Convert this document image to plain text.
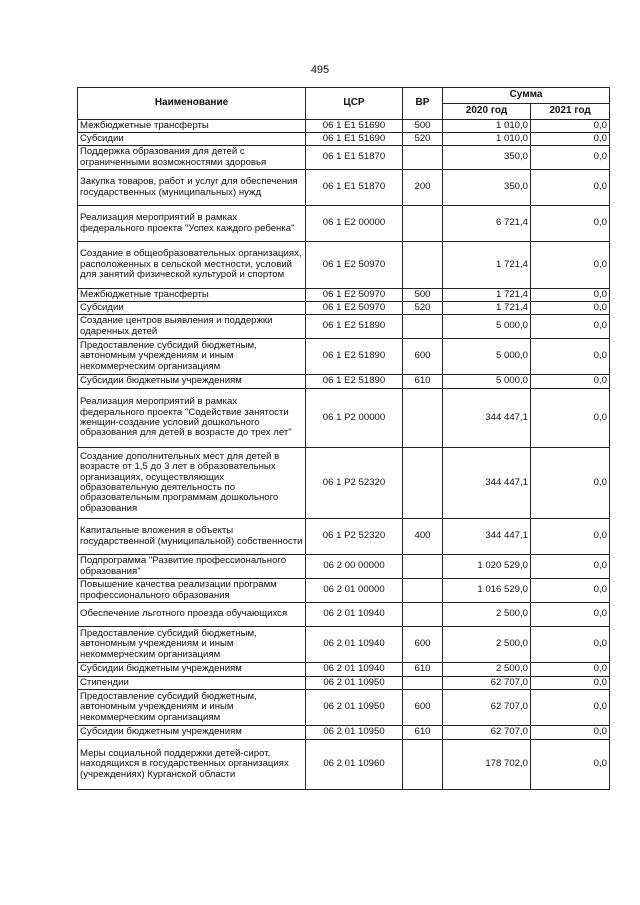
495
Наименование	ЦСР	ВР	Сумма	
			2020 год	2021 год
Межбюджетные трансферты	06 1 E1 51690	500	1 010,0	0,0
Субсидии	06 1 E1 51690	520	1 010,0	0,0
Поддержка образования для детей с ограниченными возможностями здоровья	06 1 E1 51870		350,0	0,0
Закупка товаров, работ и услуг для обеспечения государственных (муниципальных) нужд	06 1 E1 51870	200	350,0	0,0
Реализация мероприятий в рамках федерального проекта "Успех каждого ребенка"	06 1 E2 00000		6 721,4	0,0
Создание в общеобразовательных организациях, расположенных в сельской местности, условий для занятий физической культурой и спортом	06 1 E2 50970		1 721,4	0,0
Межбюджетные трансферты	06 1 E2 50970	500	1 721,4	0,0
Субсидии	06 1 E2 50970	520	1 721,4	0,0
Создание центров выявления и поддержки одаренных детей	06 1 E2 51890		5 000,0	0,0
Предоставление субсидий бюджетным, автономным учреждениям и иным некоммерческим организациям	06 1 E2 51890	600	5 000,0	0,0
Субсидии бюджетным учреждениям	06 1 E2 51890	610	5 000,0	0,0
Реализация мероприятий в рамках федерального проекта "Содействие занятости женщин-создание условий дошкольного образования для детей в возрасте до трех лет"	06 1 P2 00000		344 447,1	0,0
Создание дополнительных мест для детей в возрасте от 1,5 до 3 лет в образовательных организациях, осуществляющих образовательную деятельность по образовательным программам дошкольного образования	06 1 P2 52320		344 447,1	0,0
Капитальные вложения в объекты государственной (муниципальной) собственности	06 1 P2 52320	400	344 447,1	0,0
Подпрограмма "Развитие профессионального образования"	06 2 00 00000		1 020 529,0	0,0
Повышение качества реализации программ профессионального образования	06 2 01 00000		1 016 529,0	0,0
Обеспечение льготного проезда обучающихся	06 2 01 10940		2 500,0	0,0
Предоставление субсидий бюджетным, автономным учреждениям и иным некоммерческим организациям	06 2 01 10940	600	2 500,0	0,0
Субсидии бюджетным учреждениям	06 2 01 10940	610	2 500,0	0,0
Стипендии	06 2 01 10950		62 707,0	0,0
Предоставление субсидий бюджетным, автономным учреждениям и иным некоммерческим организациям	06 2 01 10950	600	62 707,0	0,0
Субсидии бюджетным учреждениям	06 2 01 10950	610	62 707,0	0,0
Меры социальной поддержки детей-сирот, находящихся в государственных организациях (учреждениях) Курганской области	06 2 01 10960		178 702,0	0,0
